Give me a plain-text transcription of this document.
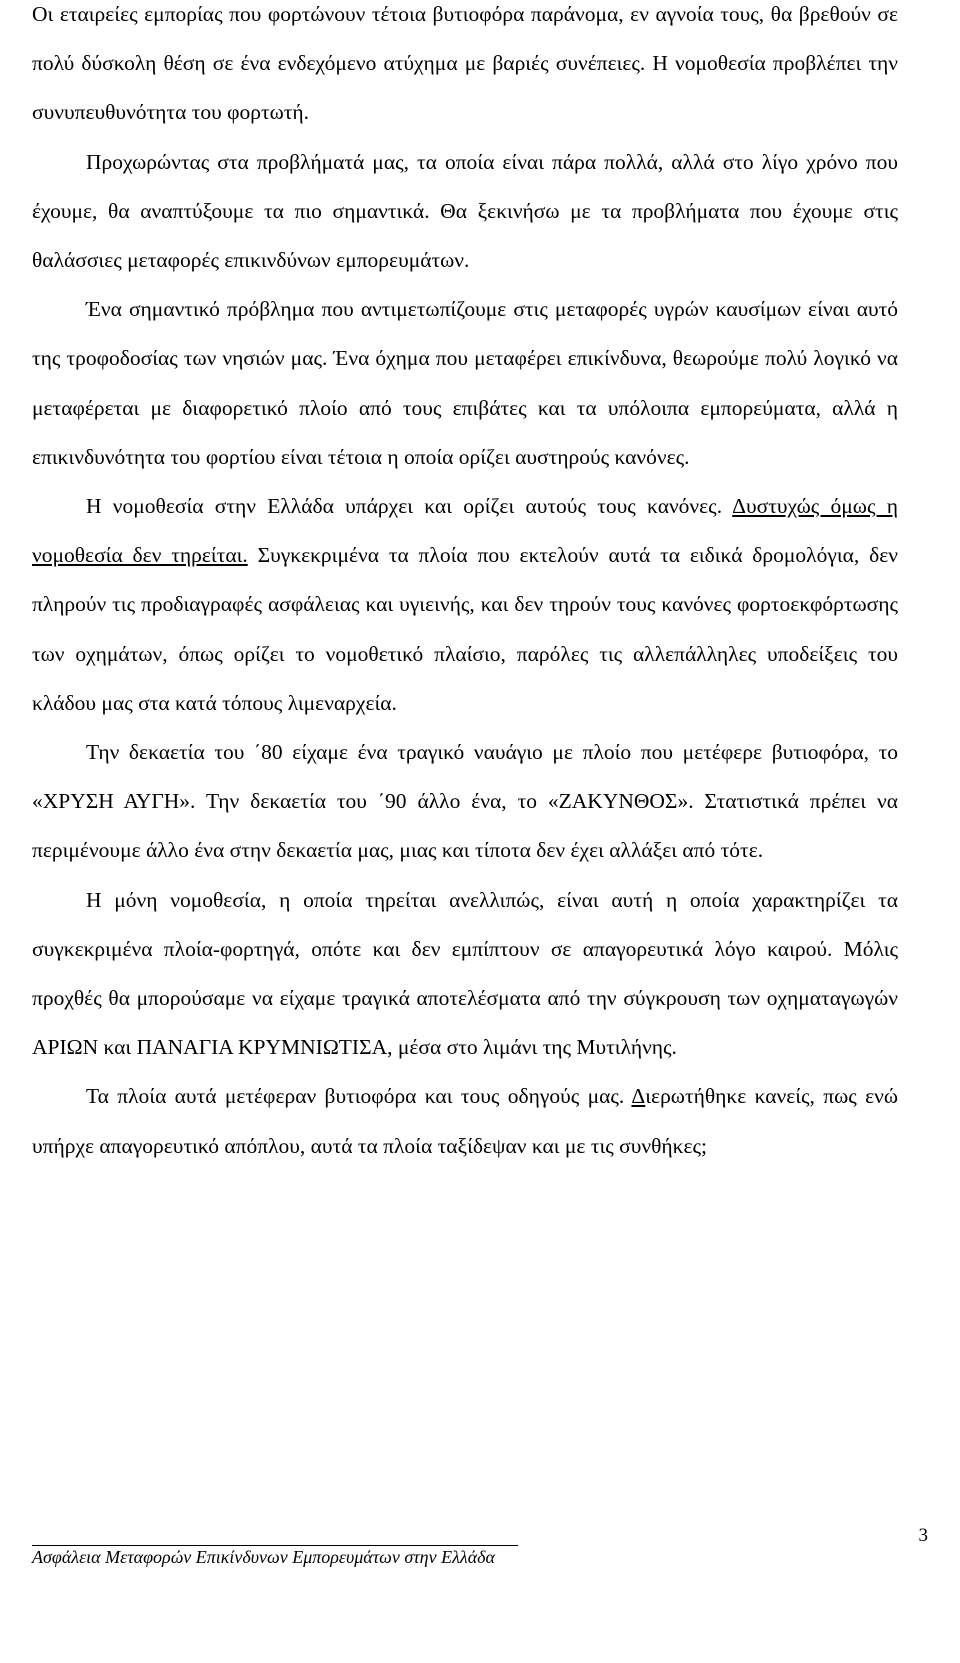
Οι εταιρείες εμπορίας που φορτώνουν τέτοια βυτιοφόρα παράνομα, εν αγνοία τους, θα βρεθούν σε πολύ δύσκολη θέση σε ένα ενδεχόμενο ατύχημα με βαριές συνέπειες. Η νομοθεσία προβλέπει την συνυπευθυνότητα του φορτωτή.

Προχωρώντας στα προβλήματά μας, τα οποία είναι πάρα πολλά, αλλά στο λίγο χρόνο που έχουμε, θα αναπτύξουμε τα πιο σημαντικά. Θα ξεκινήσω με τα προβλήματα που έχουμε στις θαλάσσιες μεταφορές επικινδύνων εμπορευμάτων.

Ένα σημαντικό πρόβλημα που αντιμετωπίζουμε στις μεταφορές υγρών καυσίμων είναι αυτό της τροφοδοσίας των νησιών μας. Ένα όχημα που μεταφέρει επικίνδυνα, θεωρούμε πολύ λογικό να μεταφέρεται με διαφορετικό πλοίο από τους επιβάτες και τα υπόλοιπα εμπορεύματα, αλλά η επικινδυνότητα του φορτίου είναι τέτοια η οποία ορίζει αυστηρούς κανόνες.

Η νομοθεσία στην Ελλάδα υπάρχει και ορίζει αυτούς τους κανόνες. Δυστυχώς όμως η νομοθεσία δεν τηρείται. Συγκεκριμένα τα πλοία που εκτελούν αυτά τα ειδικά δρομολόγια, δεν πληρούν τις προδιαγραφές ασφάλειας και υγιεινής, και δεν τηρούν τους κανόνες φορτοεκφόρτωσης των οχημάτων, όπως ορίζει το νομοθετικό πλαίσιο, παρόλες τις αλλεπάλληλες υποδείξεις του κλάδου μας στα κατά τόπους λιμεναρχεία.

Την δεκαετία του ΄80 είχαμε ένα τραγικό ναυάγιο με πλοίο που μετέφερε βυτιοφόρα, το «ΧΡΥΣΗ ΑΥΓΗ». Την δεκαετία του ΄90 άλλο ένα, το «ΖΑΚΥΝΘΟΣ». Στατιστικά πρέπει να περιμένουμε άλλο ένα στην δεκαετία μας, μιας και τίποτα δεν έχει αλλάξει από τότε.

Η μόνη νομοθεσία, η οποία τηρείται ανελλιπώς, είναι αυτή η οποία χαρακτηρίζει τα συγκεκριμένα πλοία-φορτηγά, οπότε και δεν εμπίπτουν σε απαγορευτικά λόγο καιρού. Μόλις προχθές θα μπορούσαμε να είχαμε τραγικά αποτελέσματα από την σύγκρουση των οχηματαγωγών ΑΡΙΩΝ και ΠΑΝΑΓΙΑ ΚΡΥΜΝΙΩΤΙΣΑ, μέσα στο λιμάνι της Μυτιλήνης.

Τα πλοία αυτά μετέφεραν βυτιοφόρα και τους οδηγούς μας. Διερωτήθηκε κανείς, πως ενώ υπήρχε απαγορευτικό απόπλου, αυτά τα πλοία ταξίδεψαν και με τις συνθήκες;

3
Ασφάλεια Μεταφορών Επικίνδυνων Εμπορευμάτων στην Ελλάδα
